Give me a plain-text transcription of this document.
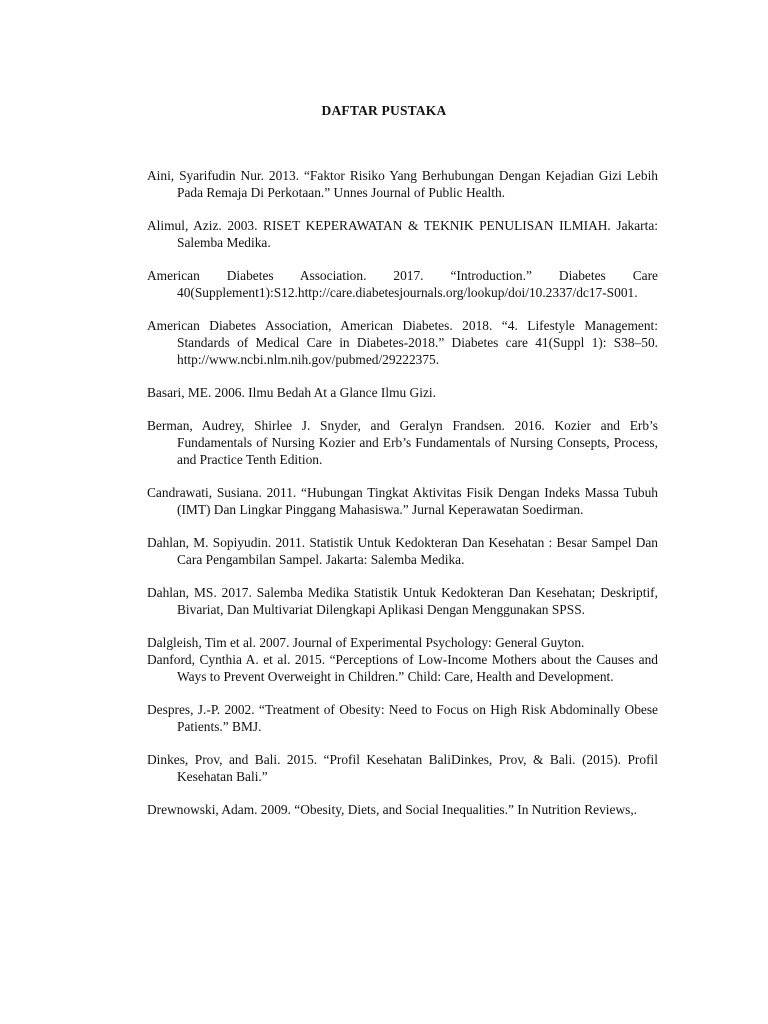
DAFTAR PUSTAKA
Aini, Syarifudin Nur. 2013. “Faktor Risiko Yang Berhubungan Dengan Kejadian Gizi Lebih Pada Remaja Di Perkotaan.” Unnes Journal of Public Health.
Alimul, Aziz. 2003. RISET KEPERAWATAN & TEKNIK PENULISAN ILMIAH. Jakarta: Salemba Medika.
American Diabetes Association. 2017. “Introduction.” Diabetes Care 40(Supplement1):S12.http://care.diabetesjournals.org/lookup/doi/10.2337/dc17-S001.
American Diabetes Association, American Diabetes. 2018. “4. Lifestyle Management: Standards of Medical Care in Diabetes-2018.” Diabetes care 41(Suppl 1): S38–50. http://www.ncbi.nlm.nih.gov/pubmed/29222375.
Basari, ME. 2006. Ilmu Bedah At a Glance Ilmu Gizi.
Berman, Audrey, Shirlee J. Snyder, and Geralyn Frandsen. 2016. Kozier and Erb’s Fundamentals of Nursing Kozier and Erb’s Fundamentals of Nursing Consepts, Process, and Practice Tenth Edition.
Candrawati, Susiana. 2011. “Hubungan Tingkat Aktivitas Fisik Dengan Indeks Massa Tubuh (IMT) Dan Lingkar Pinggang Mahasiswa.” Jurnal Keperawatan Soedirman.
Dahlan, M. Sopiyudin. 2011. Statistik Untuk Kedokteran Dan Kesehatan : Besar Sampel Dan Cara Pengambilan Sampel. Jakarta: Salemba Medika.
Dahlan, MS. 2017. Salemba Medika Statistik Untuk Kedokteran Dan Kesehatan; Deskriptif, Bivariat, Dan Multivariat Dilengkapi Aplikasi Dengan Menggunakan SPSS.
Dalgleish, Tim et al. 2007. Journal of Experimental Psychology: General Guyton.
Danford, Cynthia A. et al. 2015. “Perceptions of Low-Income Mothers about the Causes and Ways to Prevent Overweight in Children.” Child: Care, Health and Development.
Despres, J.-P. 2002. “Treatment of Obesity: Need to Focus on High Risk Abdominally Obese Patients.” BMJ.
Dinkes, Prov, and Bali. 2015. “Profil Kesehatan BaliDinkes, Prov, & Bali. (2015). Profil Kesehatan Bali.”
Drewnowski, Adam. 2009. “Obesity, Diets, and Social Inequalities.” In Nutrition Reviews,.
